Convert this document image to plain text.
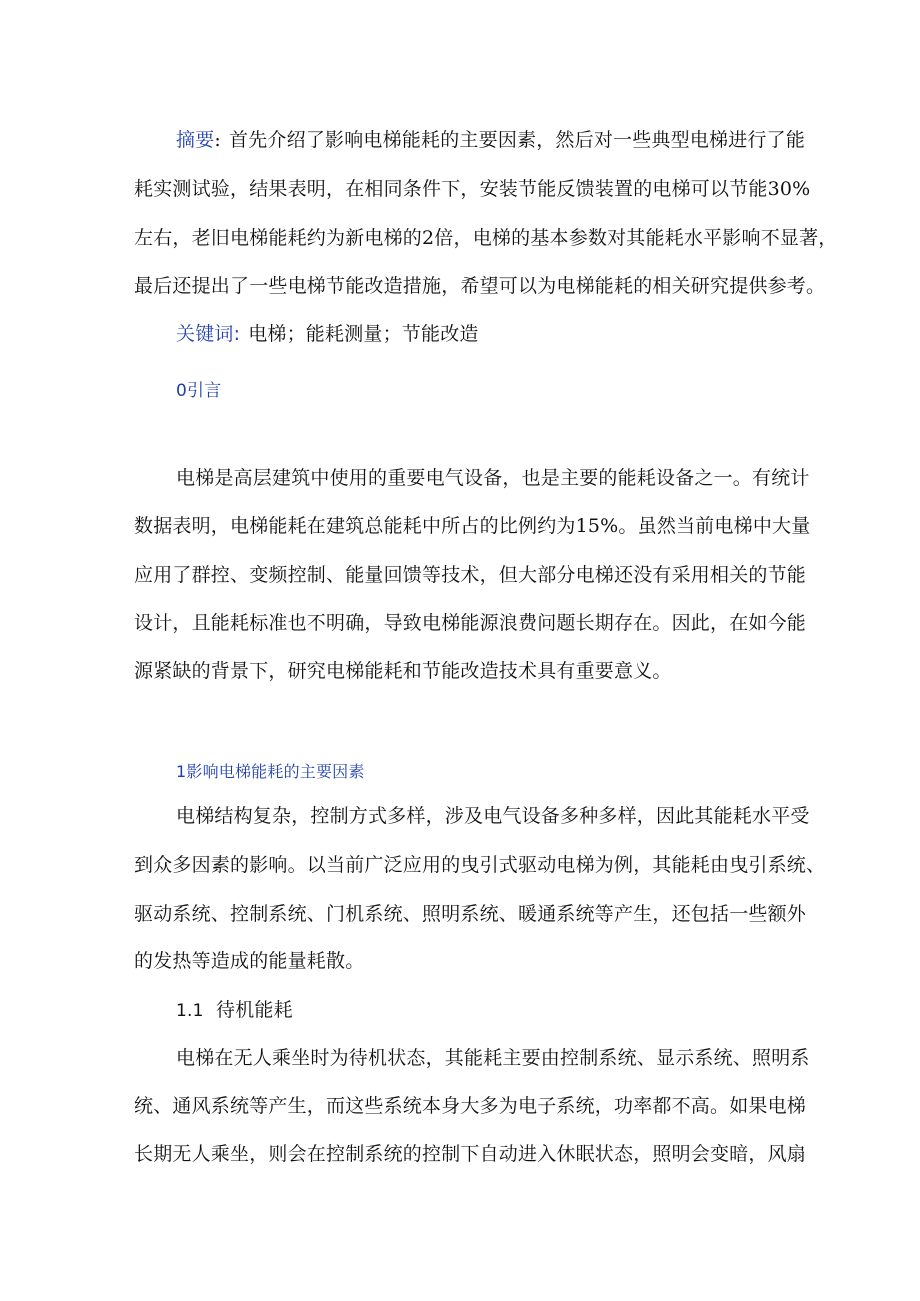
摘要: 首先介绍了影响电梯能耗的主要因素，然后对一些典型电梯进行了能
耗实测试验，结果表明，在相同条件下，安装节能反馈装置的电梯可以节能30%
左右，老旧电梯能耗约为新电梯的2倍，电梯的基本参数对其能耗水平影响不显著，
最后还提出了一些电梯节能改造措施，希望可以为电梯能耗的相关研究提供参考。
关键词: 电梯；能耗测量；节能改造
0引言
电梯是高层建筑中使用的重要电气设备，也是主要的能耗设备之一。有统计
数据表明，电梯能耗在建筑总能耗中所占的比例约为15%。虽然当前电梯中大量
应用了群控、变频控制、能量回馈等技术，但大部分电梯还没有采用相关的节能
设计，且能耗标准也不明确，导致电梯能源浪费问题长期存在。因此，在如今能
源紧缺的背景下，研究电梯能耗和节能改造技术具有重要意义。
1影响电梯能耗的主要因素
电梯结构复杂，控制方式多样，涉及电气设备多种多样，因此其能耗水平受
到众多因素的影响。以当前广泛应用的曳引式驱动电梯为例，其能耗由曳引系统、
驱动系统、控制系统、门机系统、照明系统、暖通系统等产生，还包括一些额外
的发热等造成的能量耗散。
1.1 待机能耗
电梯在无人乘坐时为待机状态，其能耗主要由控制系统、显示系统、照明系
统、通风系统等产生，而这些系统本身大多为电子系统，功率都不高。如果电梯
长期无人乘坐，则会在控制系统的控制下自动进入休眠状态，照明会变暗，风扇
